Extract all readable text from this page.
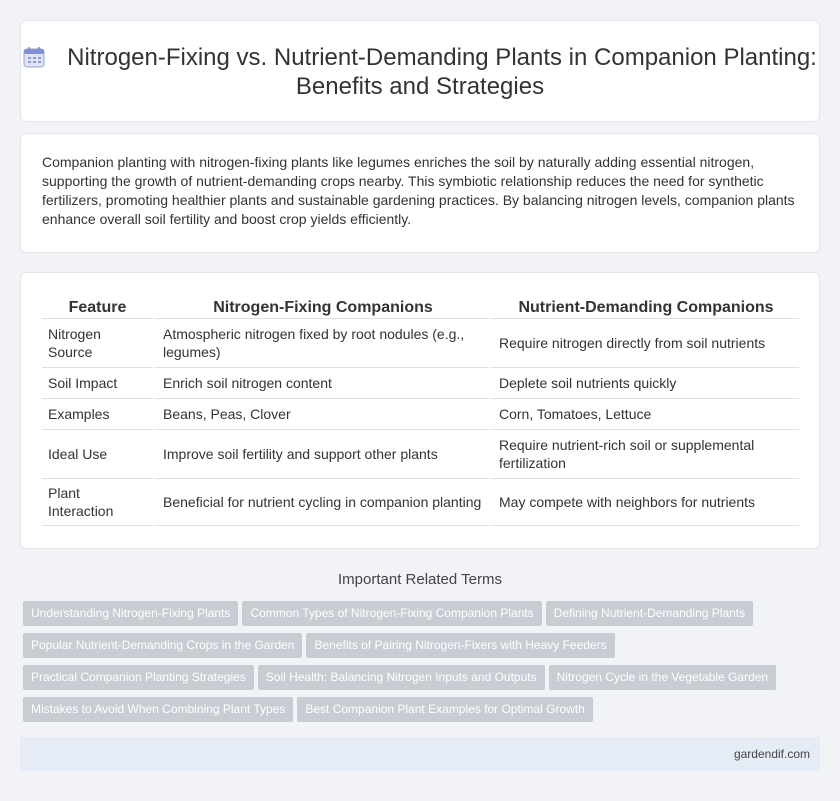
Nitrogen-Fixing vs. Nutrient-Demanding Plants in Companion Planting: Benefits and Strategies

Companion planting with nitrogen-fixing plants like legumes enriches the soil by naturally adding essential nitrogen, supporting the growth of nutrient-demanding crops nearby. This symbiotic relationship reduces the need for synthetic fertilizers, promoting healthier plants and sustainable gardening practices. By balancing nitrogen levels, companion plants enhance overall soil fertility and boost crop yields efficiently.

Feature	Nitrogen-Fixing Companions	Nutrient-Demanding Companions
Nitrogen Source	Atmospheric nitrogen fixed by root nodules (e.g., legumes)	Require nitrogen directly from soil nutrients
Soil Impact	Enrich soil nitrogen content	Deplete soil nutrients quickly
Examples	Beans, Peas, Clover	Corn, Tomatoes, Lettuce
Ideal Use	Improve soil fertility and support other plants	Require nutrient-rich soil or supplemental fertilization
Plant Interaction	Beneficial for nutrient cycling in companion planting	May compete with neighbors for nutrients
Important Related Terms
Understanding Nitrogen-Fixing Plants Common Types of Nitrogen-Fixing Companion Plants Defining Nutrient-Demanding Plants
Popular Nutrient-Demanding Crops in the Garden Benefits of Pairing Nitrogen-Fixers with Heavy Feeders
Practical Companion Planting Strategies Soil Health: Balancing Nitrogen Inputs and Outputs Nitrogen Cycle in the Vegetable Garden
Mistakes to Avoid When Combining Plant Types Best Companion Plant Examples for Optimal Growth
gardendif.com
